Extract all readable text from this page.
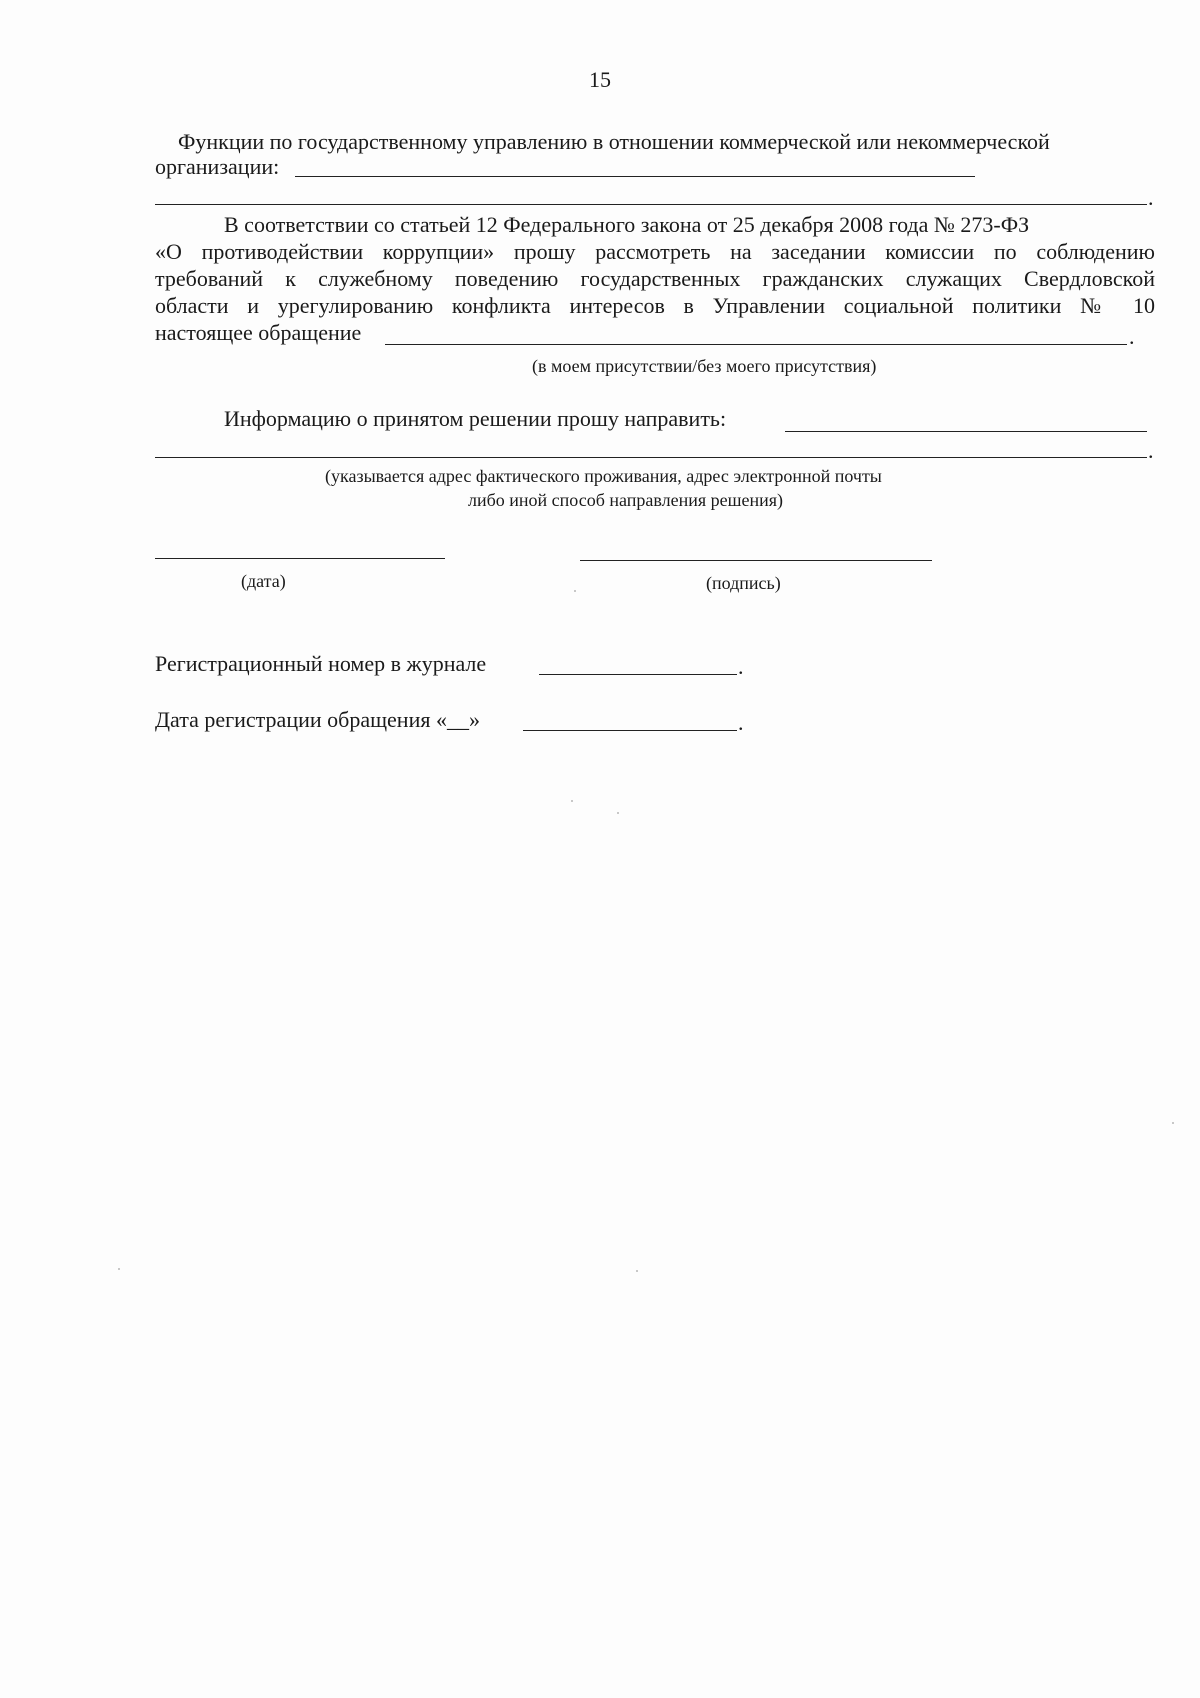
15
Функции по государственному управлению в отношении коммерческой или некоммерческой
организации:
.
В соответствии со статьей 12 Федерального закона от 25 декабря 2008 года № 273-ФЗ
«О противодействии коррупции» прошу рассмотреть на заседании комиссии по соблюдению
требований к служебному поведению государственных гражданских служащих Свердловской
области и урегулированию конфликта интересов в Управлении социальной политики № 10
настоящее обращение	.
(в моем присутствии/без моего присутствия)
Информацию о принятом решении прошу направить:
.
(указывается адрес фактического проживания, адрес электронной почты
либо иной способ направления решения)
(дата)	(подпись)
Регистрационный номер в журнале	.
Дата регистрации обращения «__»	.
